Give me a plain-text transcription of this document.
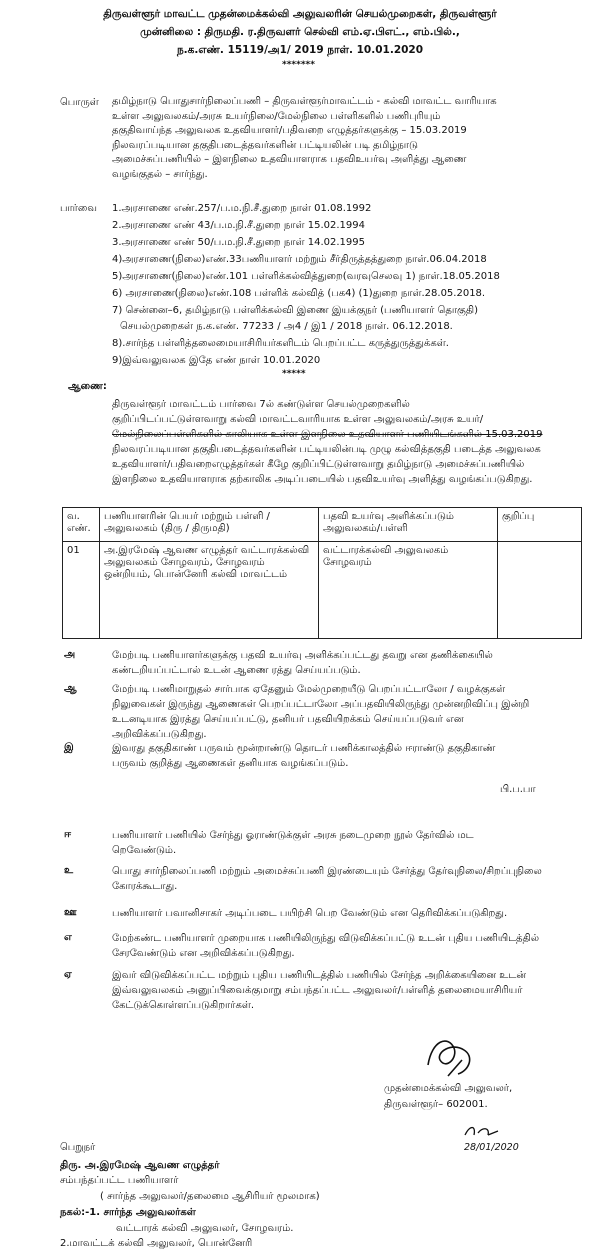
திருவள்ளூர் மாவட்ட முதன்மைக்கல்வி அலுவலரின் செயல்முறைகள், திருவள்ளூர்
முன்னிலை : திருமதி. ர.திருவளர் செல்வி எம்.ஏ.பிஎட்., எம்.பில்.,
ந.க.எண். 15119/அ1/ 2019 நாள். 10.01.2020
*******
பொருள் தமிழ்நாடு பொதுசார்நிலைப்பணி – திருவள்ளூர்மாவட்டம் - கல்வி மாவட்ட வாரியாக
உள்ள அலுவலகம்/அரசு உயர்நிலை/மேல்நிலை பள்ளிகளில் பணிபுரியும்
தகுதிவாய்ந்த அலுவலக உதவியாளர்/பதிவறை எழுத்தர்களுக்கு – 15.03.2019
நிலவரப்படியான தகுதிபடைத்தவர்களின் பட்டியலின் படி தமிழ்நாடு
அமைச்சுப்பணியில் – இளநிலை உதவியாளராக பதவிஉயர்வு அளித்து ஆணை
வழங்குதல் – சார்ந்து.
பார்வை 1.அரசாணை எண்.257/ப.ம.நி.சீ.துறை நாள் 01.08.1992
2.அரசாணை எண் 43/ப.ம.நி.சீ.துறை நாள் 15.02.1994
3.அரசாணை எண் 50/ப.ம.நி.சீ.துறை நாள் 14.02.1995
4)அரசாணை(நிலை)எண்.33பணியாளர் மற்றும் சீர்திருத்தத்துறை நாள்.06.04.2018
5)அரசாணை(நிலை)எண்.101 பள்ளிக்கல்வித்துறை(வரவுசெலவு 1) நாள்.18.05.2018
6) அரசாணை(நிலை)எண்.108 பள்ளிக் கல்வித் (பக4) (1)துறை நாள்.28.05.2018.
7) சென்னை–6, தமிழ்நாடு பள்ளிக்கல்வி இணை இயக்குநர் (பணியாளர் தொகுதி)
செயல்முறைகள் ந.க.எண். 77233 / அ4 / இ1 / 2018 நாள். 06.12.2018.
8).சார்ந்த பள்ளித்தலைமையாசிரியர்களிடம் பெறப்பட்ட கருத்துருத்துக்கள்.
9)இவ்வலுவலக இதே எண் நாள் 10.01.2020
*****
ஆணை:
திருவள்ளூர் மாவட்டம் பார்வை 7ல் கண்டுள்ள செயல்முறைகளில்
குறிப்பிடப்பட்டுள்ளவாறு கல்வி மாவட்டவாரியாக உள்ள அலுவலகம்/அரசு உயர்/
மேல்நிலைப்பள்ளிகளில் காலியாக உள்ள இளநிலை உதவியாளர் பணியிடங்களில் 15.03.2019
நிலவரப்படியான தகுதிபடைத்தவர்களின் பட்டியலின்படி முழு கல்வித்தகுதி படைத்த அலுவலக
உதவியாளர்/பதிவறைஎழுத்தர்கள் கீழே குறிப்பிட்டுள்ளவாறு தமிழ்நாடு அமைச்சுப்பணியில்
இளநிலை உதவியாளராக தற்காலிக அடிப்படையில் பதவிஉயர்வு அளித்து வழங்கப்படுகிறது.
வ. எண்.	பணியாளரின் பெயர் மற்றும் பள்ளி / அலுவலகம் (திரு / திருமதி)	பதவி உயர்வு அளிக்கப்படும் அலுவலகம்/பள்ளி	குறிப்பு
01	அ.இரமேஷ் ஆவண எழுத்தர் வட்டாரக்கல்வி அலுவலகம் சோழவரம், சோழவரம் ஒன்றியம், பொன்னேரி கல்வி மாவட்டம்	வட்டாரக்கல்வி அலுவலகம் சோழவரம்	
அ	மேற்படி பணியாளர்களுக்கு பதவி உயர்வு அளிக்கப்பட்டது தவறு என தணிக்கையில்
கண்டறியப்பட்டால் உடன் ஆணை ரத்து செய்யப்படும்.
ஆ	மேற்படி பணிமாறுதல் சார்பாக ஏதேனும் மேல்முறையீடு பெறப்பட்டாலோ / வழக்குகள்
நிலுவைகள் இருந்து ஆணைகள் பெறப்பட்டாலோ அப்பதவியிலிருந்து முன்னறிவிப்பு இன்றி
உடனடியாக இரத்து செய்யப்பட்டு, தனியர் பதவியிறக்கம் செய்யப்படுவர் என
அறிவிக்கப்படுகிறது.
இ	இவரது தகுதிகாண் பருவம் மூன்றாண்டு தொடர் பணிக்காலத்தில் ஈராண்டு தகுதிகாண்
பருவம் குறித்து ஆணைகள் தனியாக வழங்கப்படும்.
பி.ப.பா
ஈ	பணியாளர் பணியில் சேர்ந்து ஓராண்டுக்குள் அரசு நடைமுறை நூல் தேர்வில் மட
றெவேண்டும்.
உ	பொது சார்நிலைப்பணி மற்றும் அமைச்சுப்பணி இரண்டையும் சேர்த்து தேர்வுநிலை/சிறப்புநிலை
கோரக்கூடாது.
ஊ	பணியாளர் பவானிசாகர் அடிப்படை பயிற்சி பெற வேண்டும் என தெரிவிக்கப்படுகிறது.
எ	மேற்கண்ட பணியாளர் முறையாக பணியிலிருந்து விடுவிக்கப்பட்டு உடன் புதிய பணியிடத்தில்
சேரவேண்டும் என அறிவிக்கப்படுகிறது.
ஏ	இவர் விடுவிக்கப்பட்ட மற்றும் புதிய பணியிடத்தில் பணியில் சேர்ந்த அறிக்கையினை உடன்
இவ்வலுவலகம் அனுப்பிவைக்குமாறு சம்பந்தப்பட்ட அலுவலர்/பள்ளித் தலைமையாசிரியர்
கேட்டுக்கொள்ளப்படுகிறார்கள்.
முதன்மைக்கல்வி அலுவலர்,
திருவள்ளூர்– 602001.
28/01/2020
பெறுநர்
திரு. அ.இரமேஷ் ஆவண எழுத்தர்
சம்பந்தப்பட்ட பணியாளர்
( சார்ந்த அலுவலர்/தலைமை ஆசிரியர் மூலமாக)
நகல்:-1. சார்ந்த அலுவலர்கள்
வட்டாரக் கல்வி அலுவலர், சோழவரம்.
2.மாவட்டக் கல்வி அலுவலர், பொன்னேரி
